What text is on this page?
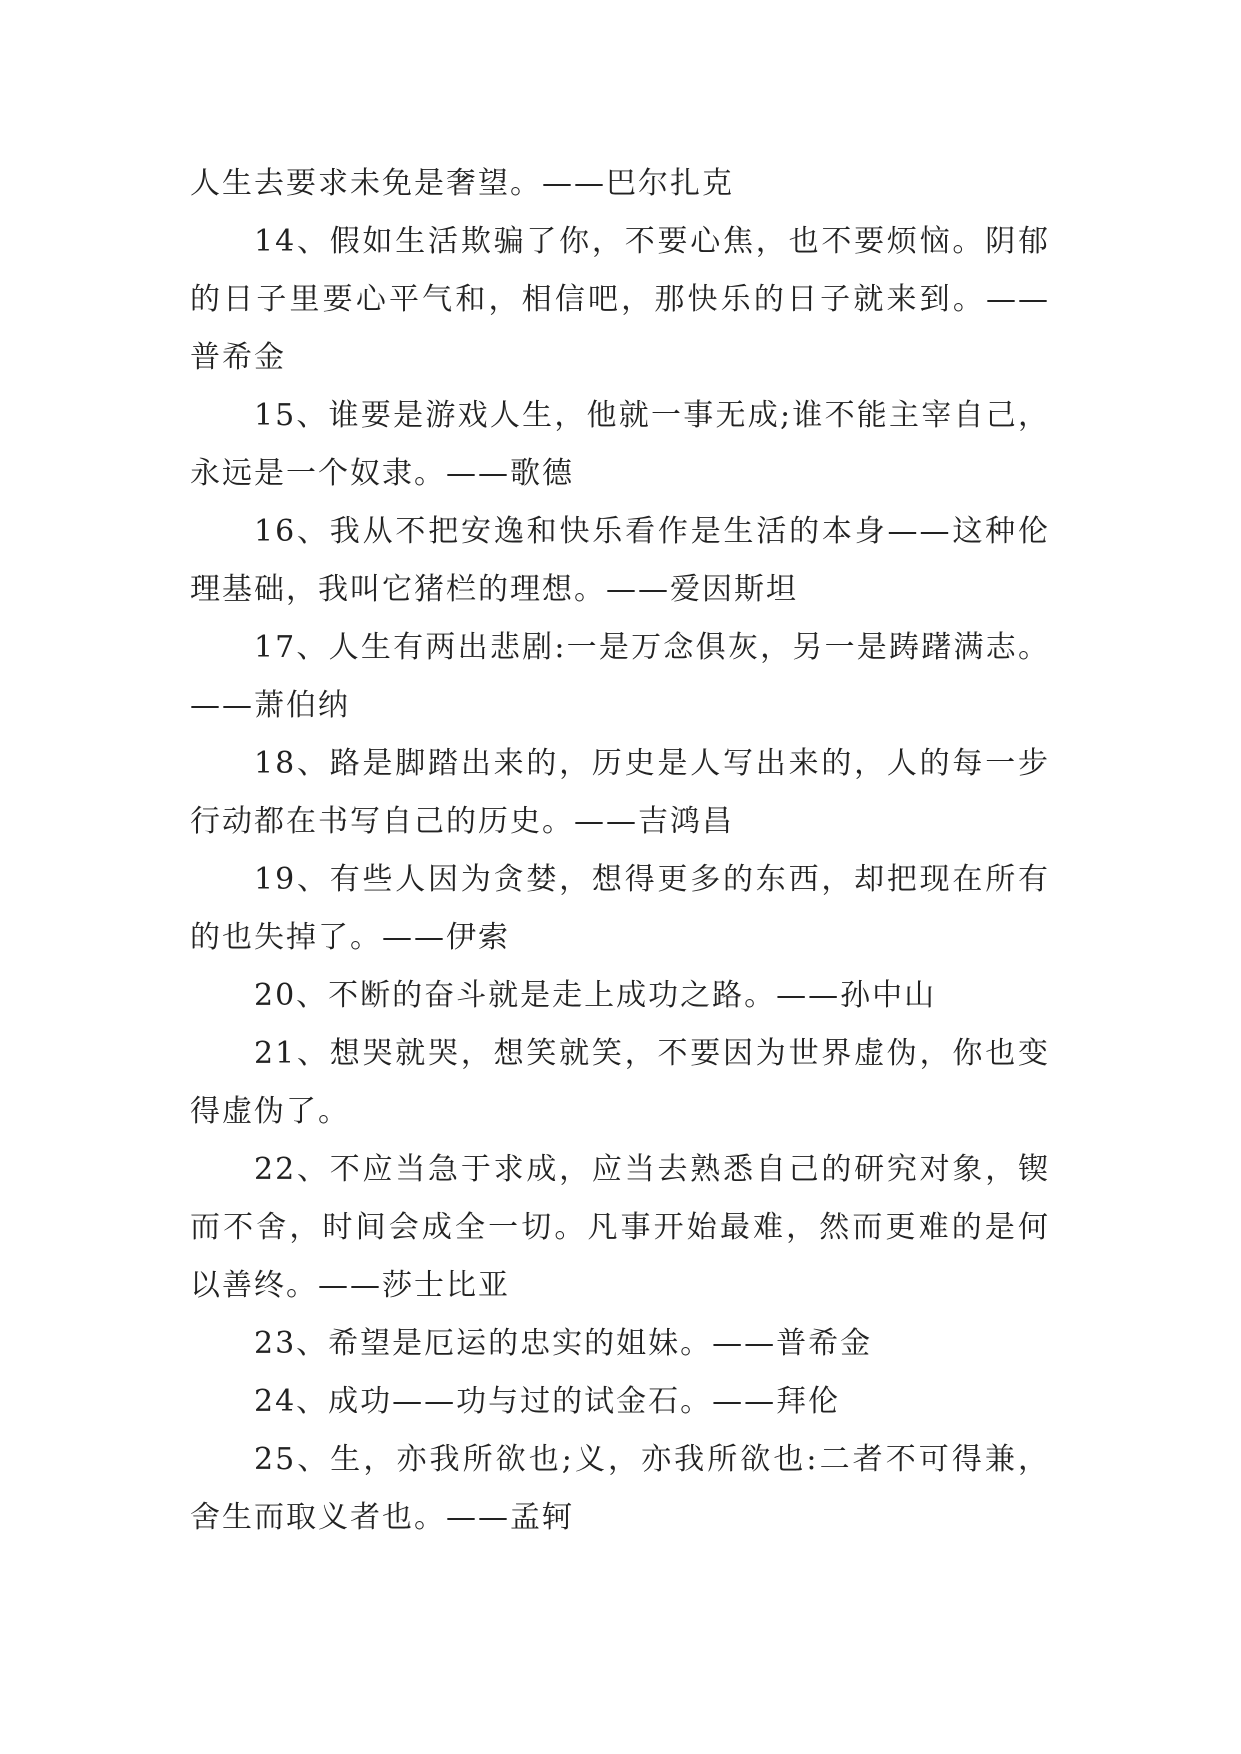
人生去要求未免是奢望。——巴尔扎克

14、假如生活欺骗了你，不要心焦，也不要烦恼。阴郁的日子里要心平气和，相信吧，那快乐的日子就来到。——普希金

15、谁要是游戏人生，他就一事无成;谁不能主宰自己，永远是一个奴隶。——歌德

16、我从不把安逸和快乐看作是生活的本身——这种伦理基础，我叫它猪栏的理想。——爱因斯坦

17、人生有两出悲剧:一是万念俱灰，另一是踌躇满志。——萧伯纳

18、路是脚踏出来的，历史是人写出来的，人的每一步行动都在书写自己的历史。——吉鸿昌

19、有些人因为贪婪，想得更多的东西，却把现在所有的也失掉了。——伊索

20、不断的奋斗就是走上成功之路。——孙中山

21、想哭就哭，想笑就笑，不要因为世界虚伪，你也变得虚伪了。

22、不应当急于求成，应当去熟悉自己的研究对象，锲而不舍，时间会成全一切。凡事开始最难，然而更难的是何以善终。——莎士比亚

23、希望是厄运的忠实的姐妹。——普希金

24、成功——功与过的试金石。——拜伦

25、生，亦我所欲也;义，亦我所欲也:二者不可得兼，舍生而取义者也。——孟轲
